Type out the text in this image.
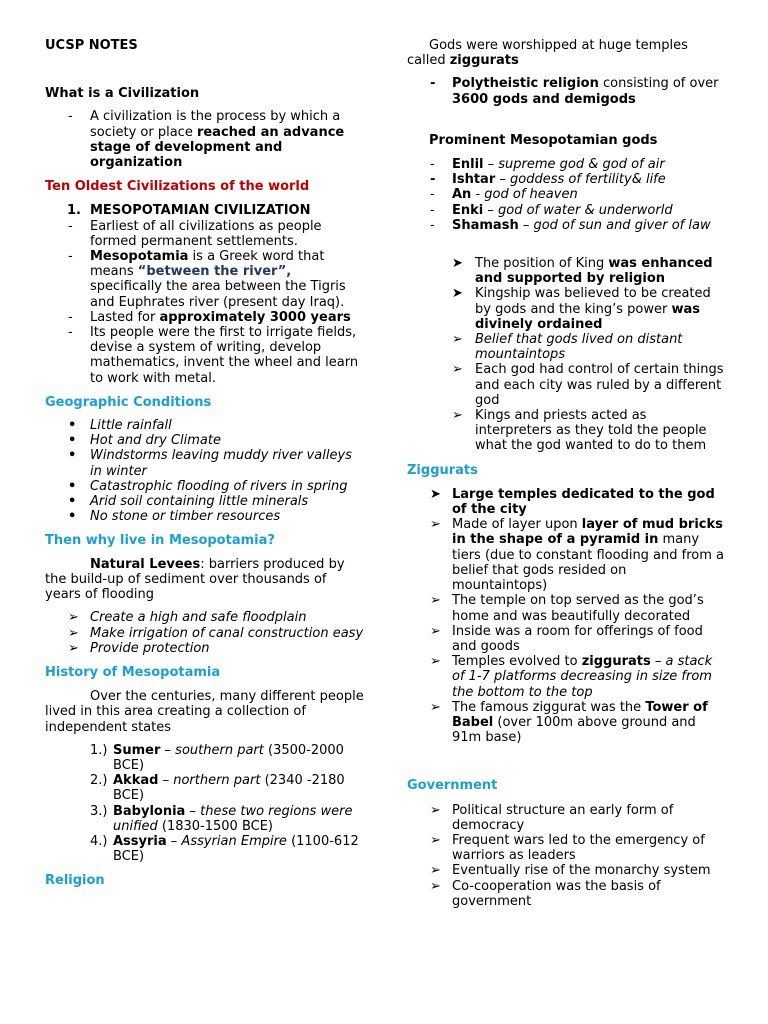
UCSP NOTES
What is a Civilization
-	A civilization is the process by which a society or place reached an advance stage of development and organization
Ten Oldest Civilizations of the world
1. MESOPOTAMIAN CIVILIZATION
-	Earliest of all civilizations as people formed permanent settlements.
-	Mesopotamia is a Greek word that means “between the river”, specifically the area between the Tigris and Euphrates river (present day Iraq).
-	Lasted for approximately 3000 years
-	Its people were the first to irrigate fields, devise a system of writing, develop mathematics, invent the wheel and learn to work with metal.
Geographic Conditions
•	Little rainfall
•	Hot and dry Climate
•	Windstorms leaving muddy river valleys in winter
•	Catastrophic flooding of rivers in spring
•	Arid soil containing little minerals
•	No stone or timber resources
Then why live in Mesopotamia?

Natural Levees: barriers produced by the build-up of sediment over thousands of years of flooding

➢ Create a high and safe floodplain
➢ Make irrigation of canal construction easy
➢ Provide protection
History of Mesopotamia

Over the centuries, many different people lived in this area creating a collection of independent states

1.) Sumer – southern part (3500-2000 BCE)
2.) Akkad – northern part (2340 -2180 BCE)
3.) Babylonia – these two regions were unified (1830-1500 BCE)
4.) Assyria – Assyrian Empire (1100-612 BCE)
Religion

Gods were worshipped at huge temples called ziggurats

-	Polytheistic religion consisting of over 3600 gods and demigods
Prominent Mesopotamian gods
-	Enlil – supreme god & god of air
-	Ishtar – goddess of fertility& life
-	An - god of heaven
-	Enki – god of water & underworld
-	Shamash – god of sun and giver of law
➤ The position of King was enhanced and supported by religion
➤ Kingship was believed to be created by gods and the king’s power was divinely ordained
➢ Belief that gods lived on distant mountaintops
➢ Each god had control of certain things and each city was ruled by a different god
➢ Kings and priests acted as interpreters as they told the people what the god wanted to do to them
Ziggurats
➤ Large temples dedicated to the god of the city
➢ Made of layer upon layer of mud bricks in the shape of a pyramid in many tiers (due to constant flooding and from a belief that gods resided on mountaintops)
➢ The temple on top served as the god’s home and was beautifully decorated
➢ Inside was a room for offerings of food and goods
➢ Temples evolved to ziggurats – a stack of 1-7 platforms decreasing in size from the bottom to the top
➢ The famous ziggurat was the Tower of Babel (over 100m above ground and 91m base)
Government
➢ Political structure an early form of democracy
➢ Frequent wars led to the emergency of warriors as leaders
➢ Eventually rise of the monarchy system
➢ Co-cooperation was the basis of government
